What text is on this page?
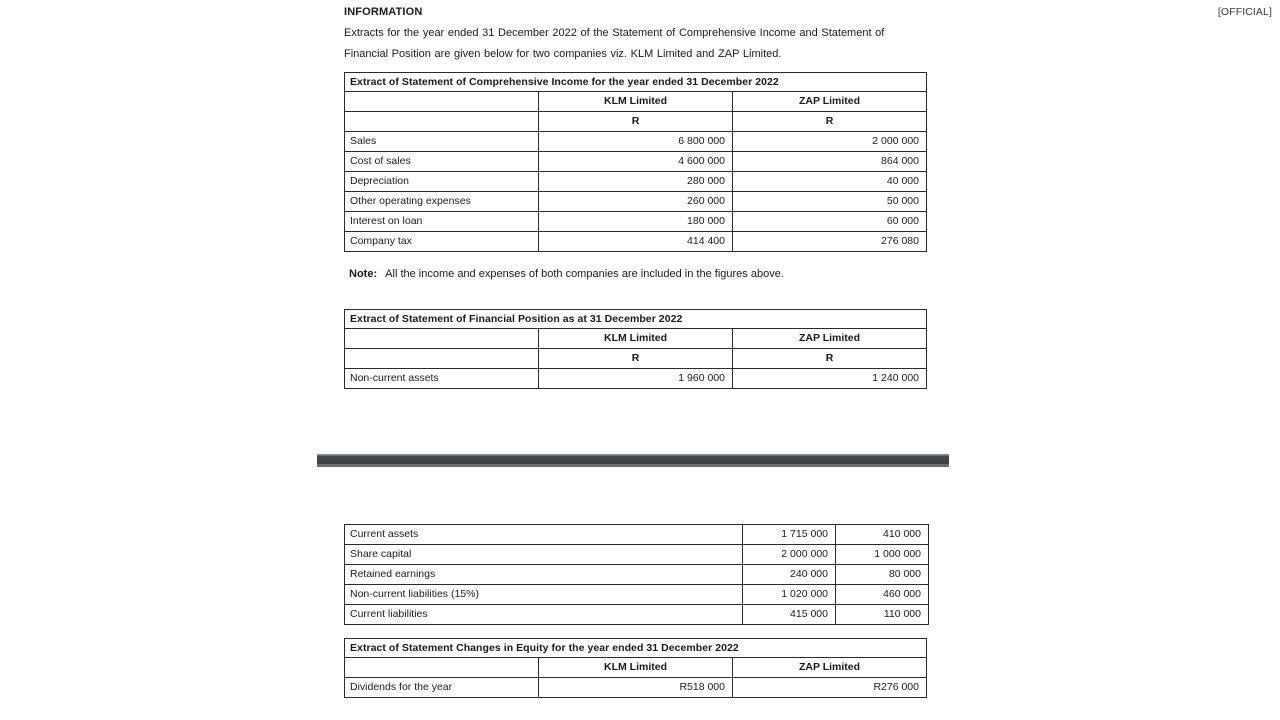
[OFFICIAL]
INFORMATION
Extracts for the year ended 31 December 2022 of the Statement of Comprehensive Income and Statement of Financial Position are given below for two companies viz. KLM Limited and ZAP Limited.
Extract of Statement of Comprehensive Income for the year ended 31 December 2022		
	KLM Limited	ZAP Limited
	R	R
Sales	6 800 000	2 000 000
Cost of sales	4 600 000	864 000
Depreciation	280 000	40 000
Other operating expenses	260 000	50 000
Interest on loan	180 000	60 000
Company tax	414 400	276 080
Note: All the income and expenses of both companies are included in the figures above.
Extract of Statement of Financial Position as at 31 December 2022		
	KLM Limited	ZAP Limited
	R	R
Non-current assets	1 960 000	1 240 000
Current assets	1 715 000	410 000
Share capital	2 000 000	1 000 000
Retained earnings	240 000	80 000
Non-current liabilities (15%)	1 020 000	460 000
Current liabilities	415 000	110 000
Extract of Statement Changes in Equity for the year ended 31 December 2022		
	KLM Limited	ZAP Limited
Dividends for the year	R518 000	R276 000
